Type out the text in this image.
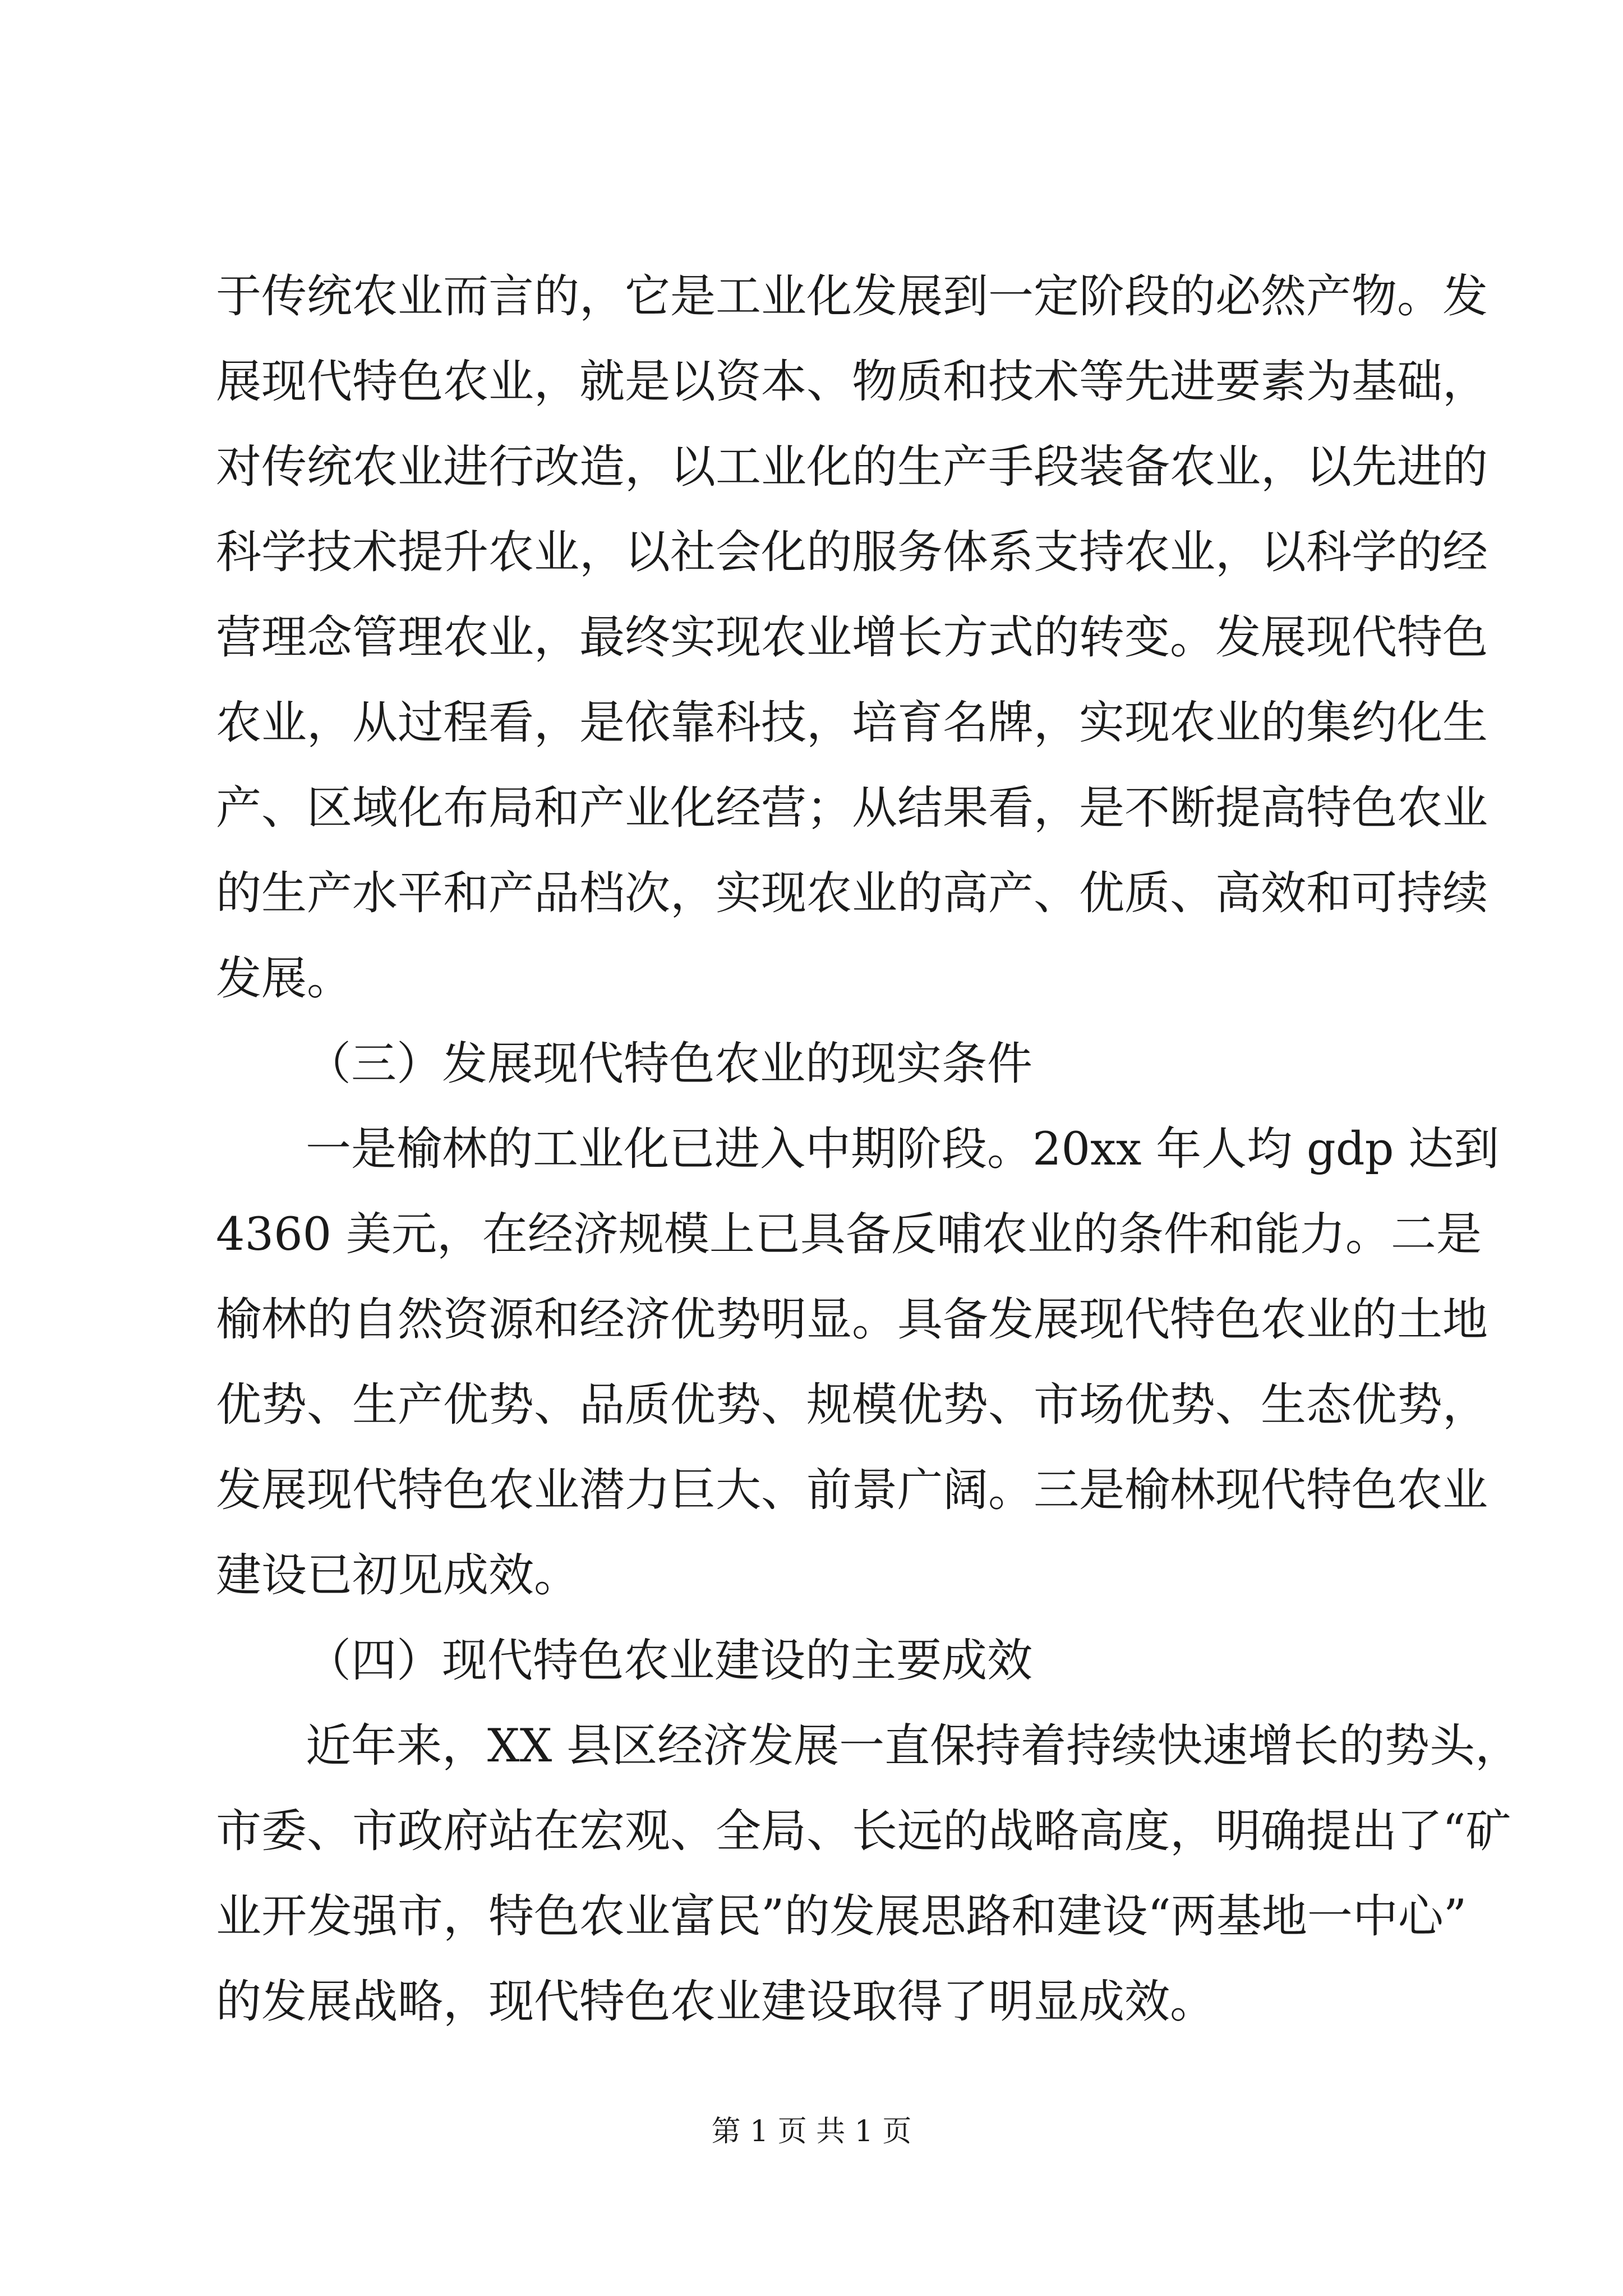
于传统农业而言的，它是工业化发展到一定阶段的必然产物。发
展现代特色农业，就是以资本、物质和技术等先进要素为基础，
对传统农业进行改造，以工业化的生产手段装备农业，以先进的
科学技术提升农业，以社会化的服务体系支持农业，以科学的经
营理念管理农业，最终实现农业增长方式的转变。发展现代特色
农业，从过程看，是依靠科技，培育名牌，实现农业的集约化生
产、区域化布局和产业化经营；从结果看，是不断提高特色农业
的生产水平和产品档次，实现农业的高产、优质、高效和可持续
发展。
（三）发展现代特色农业的现实条件
一是榆林的工业化已进入中期阶段。20xx 年人均 gdp 达到
4360 美元，在经济规模上已具备反哺农业的条件和能力。二是
榆林的自然资源和经济优势明显。具备发展现代特色农业的土地
优势、生产优势、品质优势、规模优势、市场优势、生态优势，
发展现代特色农业潜力巨大、前景广阔。三是榆林现代特色农业
建设已初见成效。
（四）现代特色农业建设的主要成效
近年来，XX 县区经济发展一直保持着持续快速增长的势头，
市委、市政府站在宏观、全局、长远的战略高度，明确提出了“矿
业开发强市，特色农业富民”的发展思路和建设“两基地一中心”
的发展战略，现代特色农业建设取得了明显成效。
第 1 页 共 1 页
